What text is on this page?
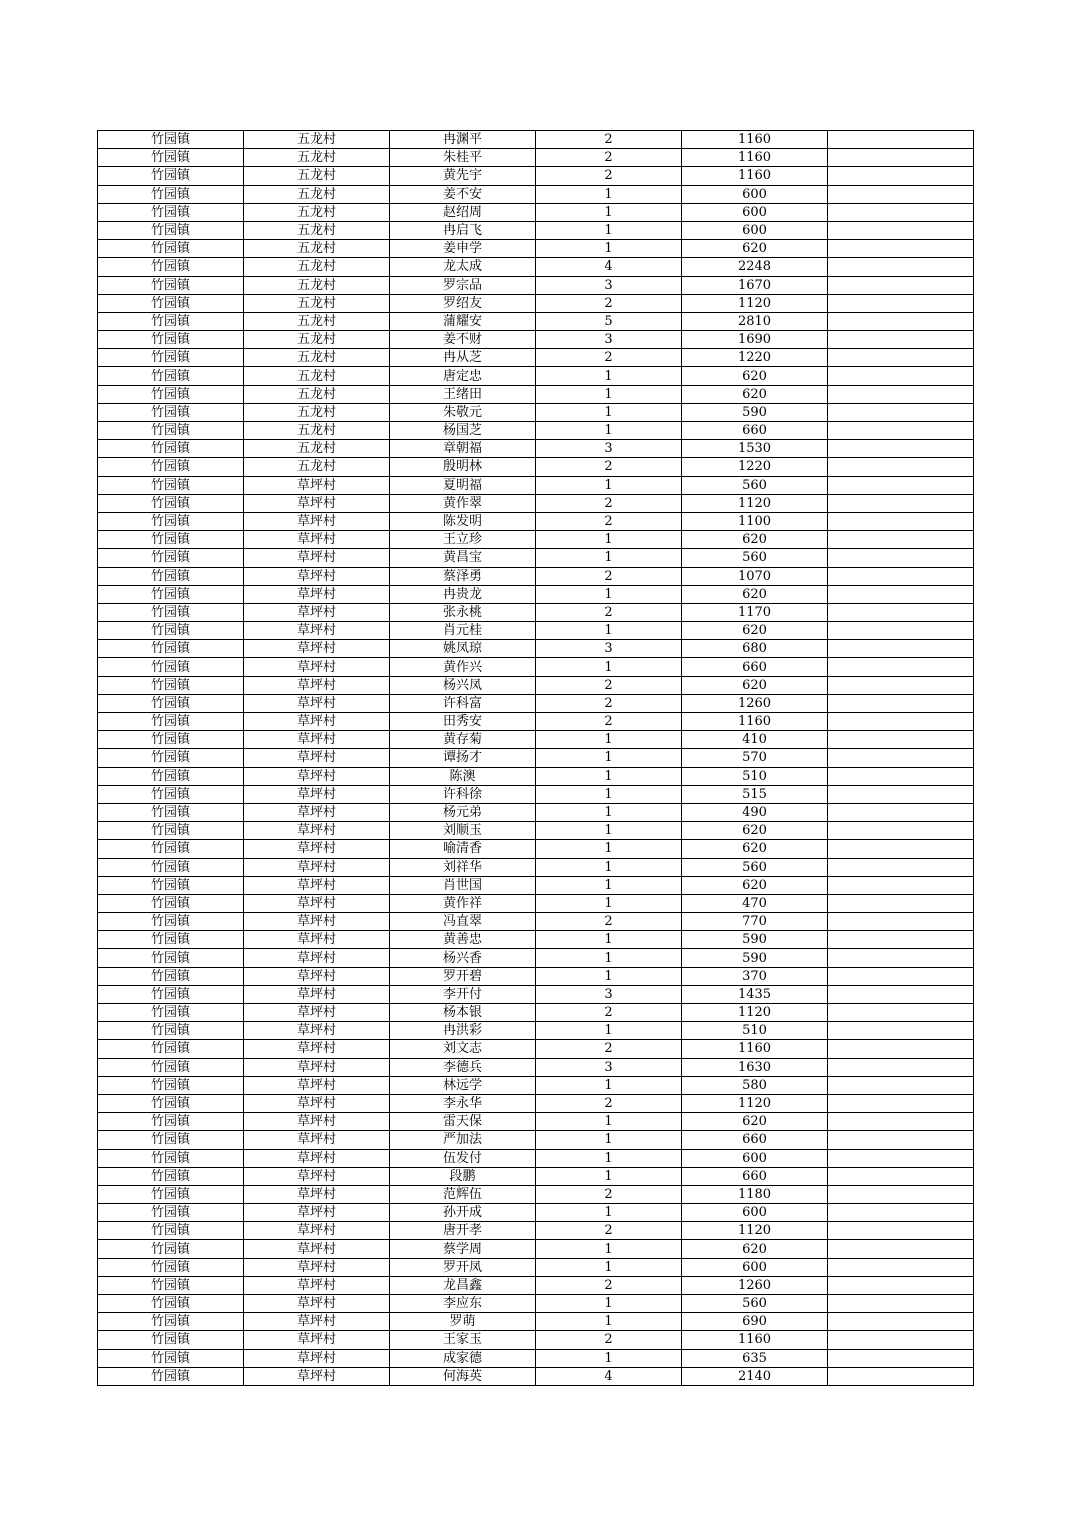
竹园镇	五龙村	冉渊平	2	1160	
竹园镇	五龙村	朱桂平	2	1160	
竹园镇	五龙村	黄先宇	2	1160	
竹园镇	五龙村	姜不安	1	600	
竹园镇	五龙村	赵绍周	1	600	
竹园镇	五龙村	冉启飞	1	600	
竹园镇	五龙村	姜申学	1	620	
竹园镇	五龙村	龙太成	4	2248	
竹园镇	五龙村	罗宗品	3	1670	
竹园镇	五龙村	罗绍友	2	1120	
竹园镇	五龙村	蒲耀安	5	2810	
竹园镇	五龙村	姜不财	3	1690	
竹园镇	五龙村	冉从芝	2	1220	
竹园镇	五龙村	唐定忠	1	620	
竹园镇	五龙村	王绪田	1	620	
竹园镇	五龙村	朱敬元	1	590	
竹园镇	五龙村	杨国芝	1	660	
竹园镇	五龙村	章朝福	3	1530	
竹园镇	五龙村	殷明林	2	1220	
竹园镇	草坪村	夏明福	1	560	
竹园镇	草坪村	黄作翠	2	1120	
竹园镇	草坪村	陈发明	2	1100	
竹园镇	草坪村	王立珍	1	620	
竹园镇	草坪村	黄昌宝	1	560	
竹园镇	草坪村	蔡泽勇	2	1070	
竹园镇	草坪村	冉贵龙	1	620	
竹园镇	草坪村	张永桃	2	1170	
竹园镇	草坪村	肖元桂	1	620	
竹园镇	草坪村	姚凤琼	3	680	
竹园镇	草坪村	黄作兴	1	660	
竹园镇	草坪村	杨兴凤	2	620	
竹园镇	草坪村	许科富	2	1260	
竹园镇	草坪村	田秀安	2	1160	
竹园镇	草坪村	黄存菊	1	410	
竹园镇	草坪村	谭扬才	1	570	
竹园镇	草坪村	陈澳	1	510	
竹园镇	草坪村	许科徐	1	515	
竹园镇	草坪村	杨元弟	1	490	
竹园镇	草坪村	刘顺玉	1	620	
竹园镇	草坪村	喻清香	1	620	
竹园镇	草坪村	刘祥华	1	560	
竹园镇	草坪村	肖世国	1	620	
竹园镇	草坪村	黄作祥	1	470	
竹园镇	草坪村	冯直翠	2	770	
竹园镇	草坪村	黄善忠	1	590	
竹园镇	草坪村	杨兴香	1	590	
竹园镇	草坪村	罗开碧	1	370	
竹园镇	草坪村	李开付	3	1435	
竹园镇	草坪村	杨本银	2	1120	
竹园镇	草坪村	冉洪彩	1	510	
竹园镇	草坪村	刘文志	2	1160	
竹园镇	草坪村	李德兵	3	1630	
竹园镇	草坪村	林远学	1	580	
竹园镇	草坪村	李永华	2	1120	
竹园镇	草坪村	雷天保	1	620	
竹园镇	草坪村	严加法	1	660	
竹园镇	草坪村	伍发付	1	600	
竹园镇	草坪村	段鹏	1	660	
竹园镇	草坪村	范辉伍	2	1180	
竹园镇	草坪村	孙开成	1	600	
竹园镇	草坪村	唐开孝	2	1120	
竹园镇	草坪村	蔡学周	1	620	
竹园镇	草坪村	罗开凤	1	600	
竹园镇	草坪村	龙昌鑫	2	1260	
竹园镇	草坪村	李应东	1	560	
竹园镇	草坪村	罗萌	1	690	
竹园镇	草坪村	王家玉	2	1160	
竹园镇	草坪村	成家德	1	635	
竹园镇	草坪村	何海英	4	2140	
